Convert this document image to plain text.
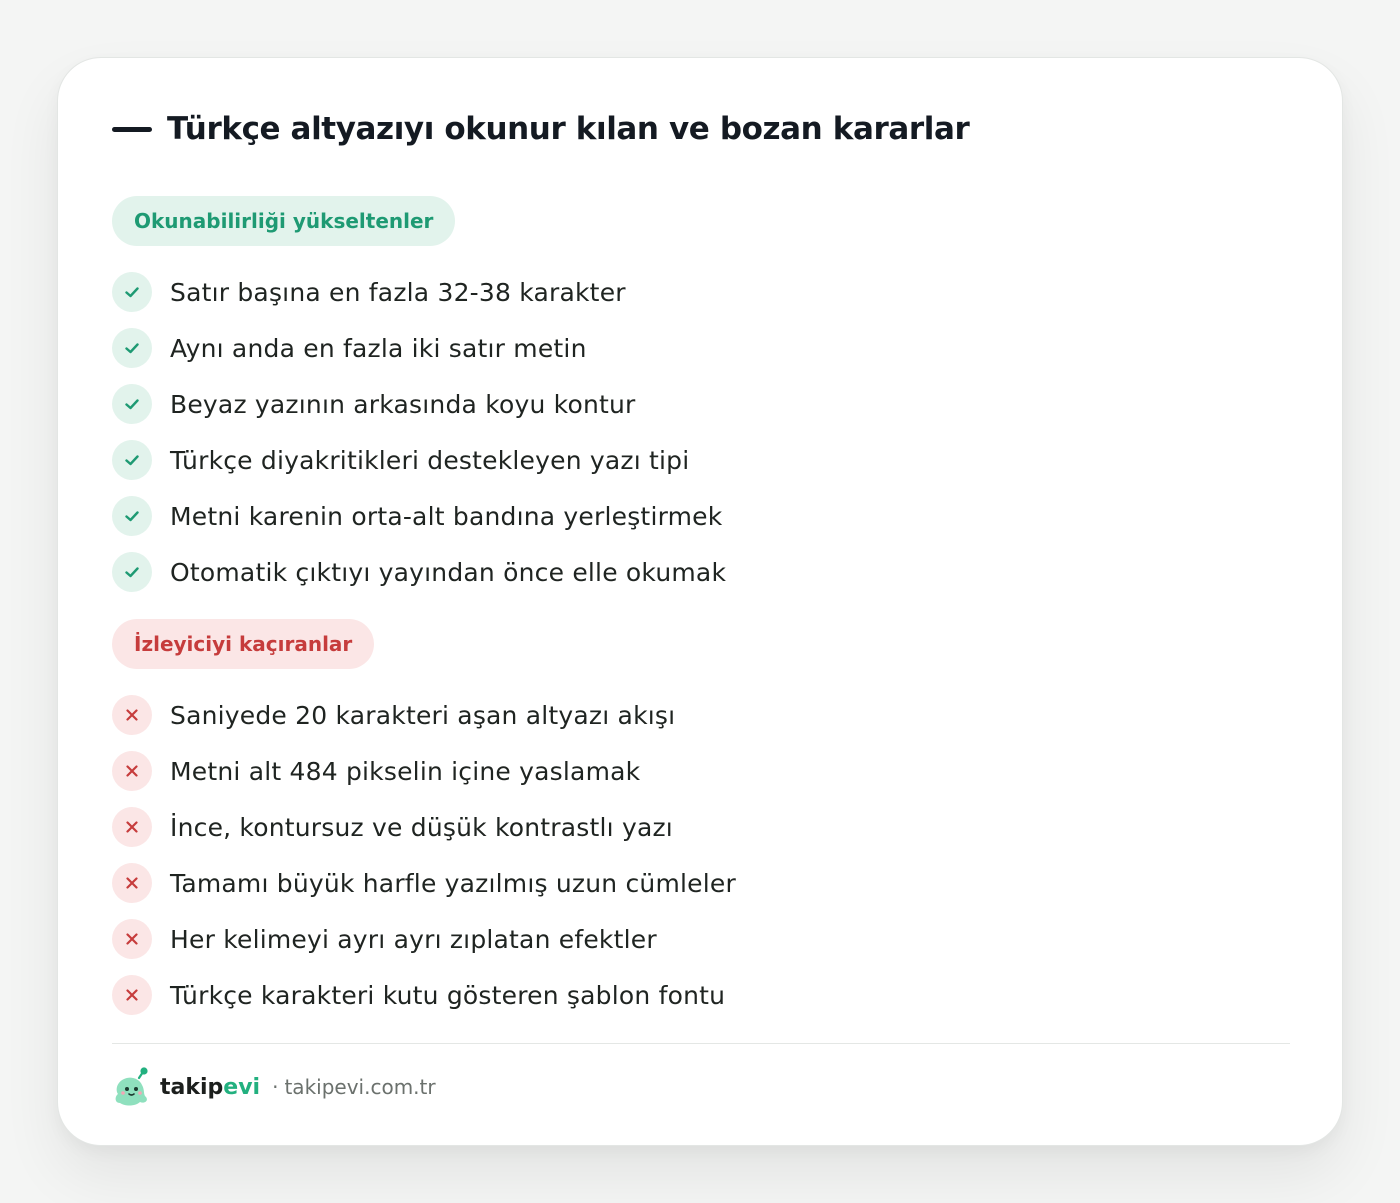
Türkçe altyazıyı okunur kılan ve bozan kararlar
Okunabilirliği yükseltenler
Satır başına en fazla 32-38 karakter
Aynı anda en fazla iki satır metin
Beyaz yazının arkasında koyu kontur
Türkçe diyakritikleri destekleyen yazı tipi
Metni karenin orta-alt bandına yerleştirmek
Otomatik çıktıyı yayından önce elle okumak
İzleyiciyi kaçıranlar
Saniyede 20 karakteri aşan altyazı akışı
Metni alt 484 pikselin içine yaslamak
İnce, kontursuz ve düşük kontrastlı yazı
Tamamı büyük harfle yazılmış uzun cümleler
Her kelimeyi ayrı ayrı zıplatan efektler
Türkçe karakteri kutu gösteren şablon fontu
takipevi · takipevi.com.tr
